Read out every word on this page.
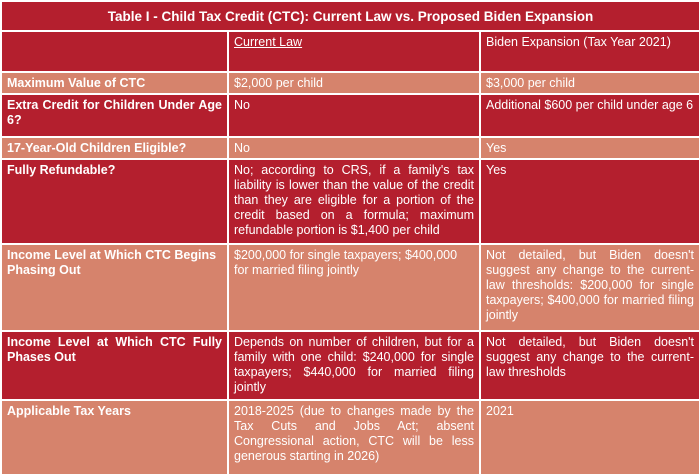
Table I - Child Tax Credit (CTC): Current Law vs. Proposed Biden Expansion		
	Current Law	Biden Expansion (Tax Year 2021)
Maximum Value of CTC	$2,000 per child	$3,000 per child
Extra Credit for Children Under Age 6?	No	Additional $600 per child under age 6
17-Year-Old Children Eligible?	No	Yes
Fully Refundable?	No; according to CRS, if a family's tax liability is lower than the value of the credit than they are eligible for a portion of the credit based on a formula; maximum refundable portion is $1,400 per child	Yes
Income Level at Which CTC Begins Phasing Out	$200,000 for single taxpayers; $400,000 for married filing jointly	Not detailed, but Biden doesn't suggest any change to the current-law thresholds: $200,000 for single taxpayers; $400,000 for married filing jointly
Income Level at Which CTC Fully Phases Out	Depends on number of children, but for a family with one child: $240,000 for single taxpayers; $440,000 for married filing jointly	Not detailed, but Biden doesn't suggest any change to the current-law thresholds
Applicable Tax Years	2018-2025 (due to changes made by the Tax Cuts and Jobs Act; absent Congressional action, CTC will be less generous starting in 2026)	2021
